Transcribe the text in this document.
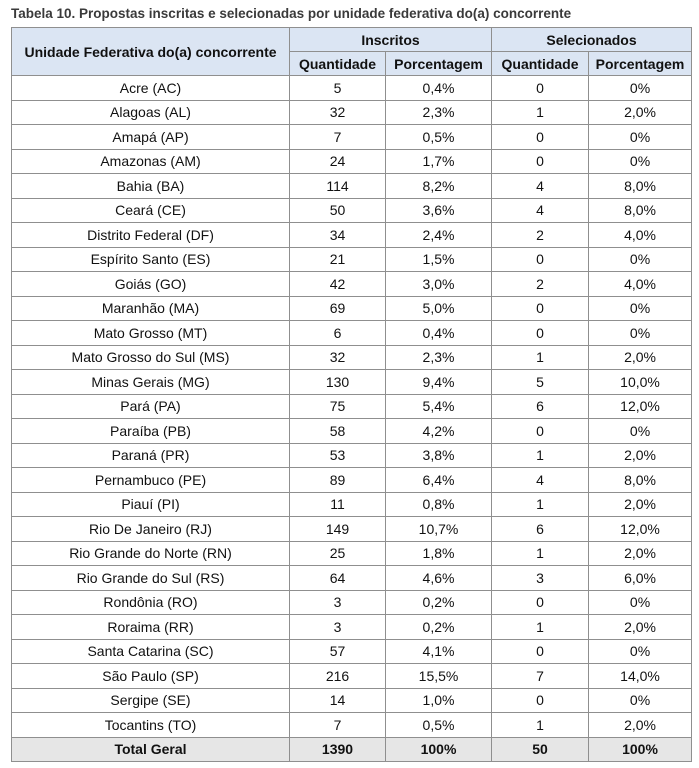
Tabela 10. Propostas inscritas e selecionadas por unidade federativa do(a) concorrente
Unidade Federativa do(a) concorrente	Inscritos		Selecionados	
	Quantidade	Porcentagem	Quantidade	Porcentagem
Acre (AC)	5	0,4%	0	0%
Alagoas (AL)	32	2,3%	1	2,0%
Amapá (AP)	7	0,5%	0	0%
Amazonas (AM)	24	1,7%	0	0%
Bahia (BA)	114	8,2%	4	8,0%
Ceará (CE)	50	3,6%	4	8,0%
Distrito Federal (DF)	34	2,4%	2	4,0%
Espírito Santo (ES)	21	1,5%	0	0%
Goiás (GO)	42	3,0%	2	4,0%
Maranhão (MA)	69	5,0%	0	0%
Mato Grosso (MT)	6	0,4%	0	0%
Mato Grosso do Sul (MS)	32	2,3%	1	2,0%
Minas Gerais (MG)	130	9,4%	5	10,0%
Pará (PA)	75	5,4%	6	12,0%
Paraíba (PB)	58	4,2%	0	0%
Paraná (PR)	53	3,8%	1	2,0%
Pernambuco (PE)	89	6,4%	4	8,0%
Piauí (PI)	11	0,8%	1	2,0%
Rio De Janeiro (RJ)	149	10,7%	6	12,0%
Rio Grande do Norte (RN)	25	1,8%	1	2,0%
Rio Grande do Sul (RS)	64	4,6%	3	6,0%
Rondônia (RO)	3	0,2%	0	0%
Roraima (RR)	3	0,2%	1	2,0%
Santa Catarina (SC)	57	4,1%	0	0%
São Paulo (SP)	216	15,5%	7	14,0%
Sergipe (SE)	14	1,0%	0	0%
Tocantins (TO)	7	0,5%	1	2,0%
Total Geral	1390	100%	50	100%
